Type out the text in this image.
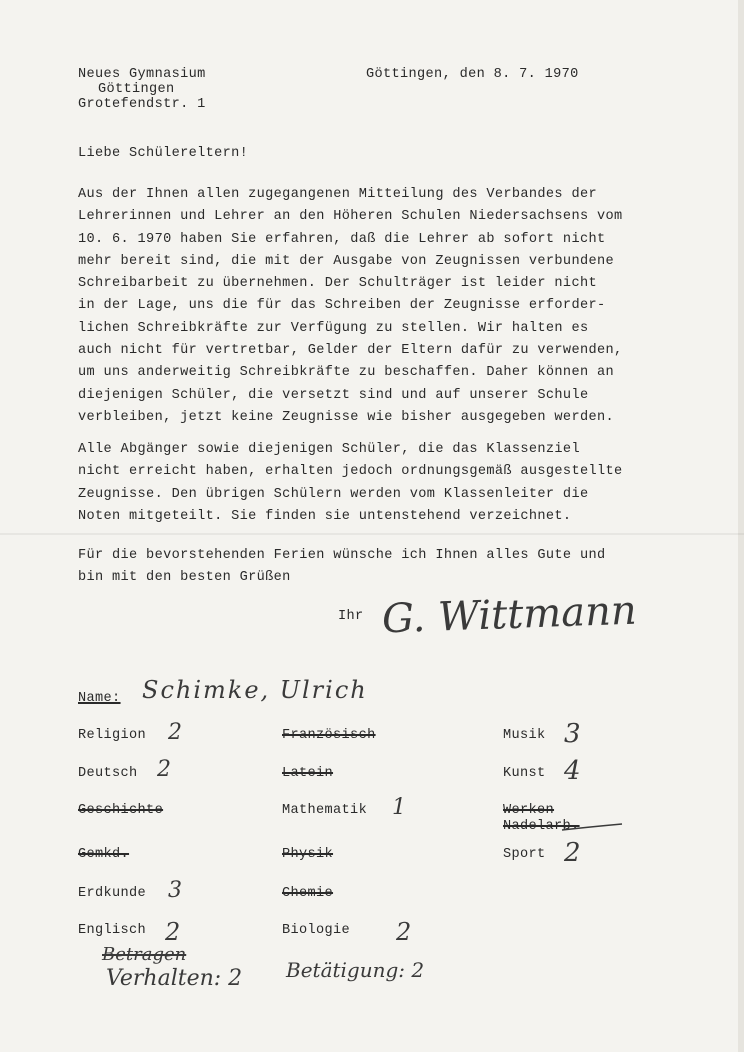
Neues Gymnasium
Göttingen
Grotefendstr. 1
Göttingen, den 8. 7. 1970
Liebe Schülereltern!
Aus der Ihnen allen zugegangenen Mitteilung des Verbandes der
Lehrerinnen und Lehrer an den Höheren Schulen Niedersachsens vom
10. 6. 1970 haben Sie erfahren, daß die Lehrer ab sofort nicht
mehr bereit sind, die mit der Ausgabe von Zeugnissen verbundene
Schreibarbeit zu übernehmen. Der Schulträger ist leider nicht
in der Lage, uns die für das Schreiben der Zeugnisse erforder-
lichen Schreibkräfte zur Verfügung zu stellen. Wir halten es
auch nicht für vertretbar, Gelder der Eltern dafür zu verwenden,
um uns anderweitig Schreibkräfte zu beschaffen. Daher können an
diejenigen Schüler, die versetzt sind und auf unserer Schule
verbleiben, jetzt keine Zeugnisse wie bisher ausgegeben werden.
Alle Abgänger sowie diejenigen Schüler, die das Klassenziel
nicht erreicht haben, erhalten jedoch ordnungsgemäß ausgestellte
Zeugnisse. Den übrigen Schülern werden vom Klassenleiter die
Noten mitgeteilt. Sie finden sie untenstehend verzeichnet.
Für die bevorstehenden Ferien wünsche ich Ihnen alles Gute und
bin mit den besten Grüßen
Ihr G. Wittmann
Name: Schimke, Ulrich
Religion 2
Deutsch 2
Geschichte
Gemkd.
Erdkunde 3
Englisch 2
Französisch
Latein
Mathematik 1
Physik
Chemie
Biologie 2
Musik 3
Kunst 4
Werken
Nadelarb.
Sport 2
Betragen
Verhalten: 2 Betätigung: 2
